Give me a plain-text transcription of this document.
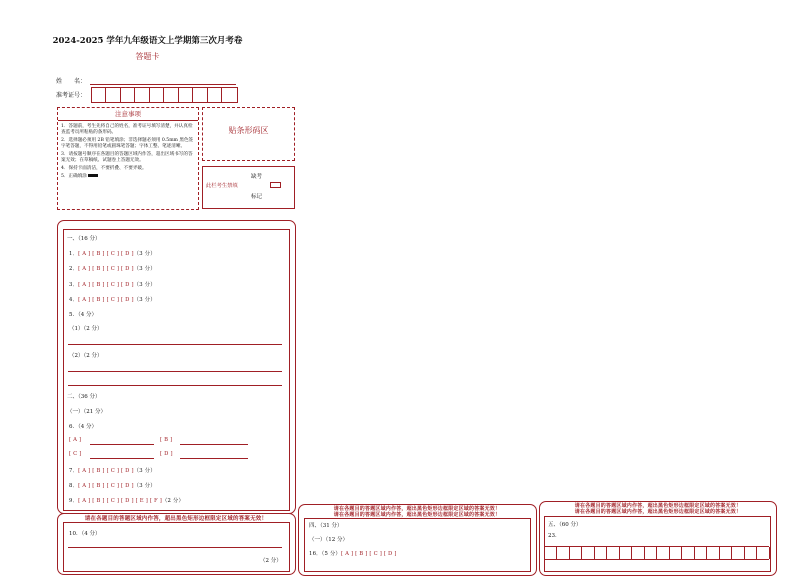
2024-2025 学年九年级语文上学期第三次月考卷
答题卡
姓　　名：
准考证号：
注意事项

1．答题前，考生先将自己的姓名，准考证号填写清楚，并认真检查监考员所粘贴的条形码。

2．选择题必须用 2B 铅笔填涂；非选择题必须用 0.5mm 黑色签字笔答题，不得用铅笔或圆珠笔答题；字体工整、笔迹清晰。

3．请按题号顺序在各题目的答题区域内作答，超出区域书写的答案无效；在草稿纸、试题卷上答题无效。

4．保持卡面清洁，不要折叠、不要弄破。

5．正确填涂

贴条形码区
此栏考生禁填
缺考
标记
一、（16 分）
1．[ A ] [ B ] [ C ] [ D ]（3 分）
2．[ A ] [ B ] [ C ] [ D ]（3 分）
3．[ A ] [ B ] [ C ] [ D ]（3 分）
4．[ A ] [ B ] [ C ] [ D ]（3 分）
5．（4 分）
（1）（2 分）
（2）（2 分）
二、（36 分）
（一）（21 分）
6．（4 分）
[ A ]	[ B ]
[ C ]	[ D ]
7．[ A ] [ B ] [ C ] [ D ]（3 分）
8．[ A ] [ B ] [ C ] [ D ]（3 分）
9．[ A ] [ B ] [ C ] [ D ] [ E ] [ F ]（2 分）
请在各题目的答题区域内作答，超出黑色矩形边框限定区域的答案无效！
10．（4 分）
（2 分）
请在各题目的答题区域内作答，超出黑色矩形边框限定区域的答案无效！
请在各题目的答题区域内作答，超出黑色矩形边框限定区域的答案无效！
四、（31 分）
（一）（12 分）
16．（5 分）[ A ] [ B ] [ C ] [ D ]
请在各题目的答题区域内作答，超出黑色矩形边框限定区域的答案无效！
请在各题目的答题区域内作答，超出黑色矩形边框限定区域的答案无效！
五、（60 分）
23．
